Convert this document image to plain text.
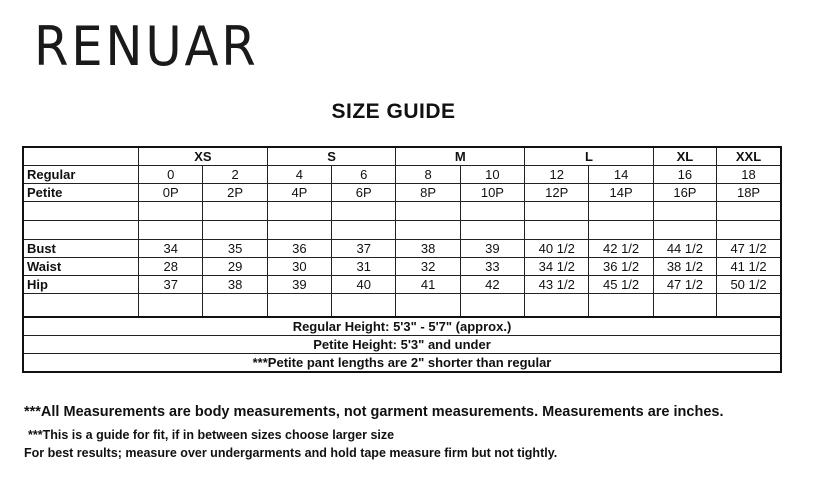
RENUAR
SIZE GUIDE
	XS		S		M		L		XL	XXL
Regular	0	2	4	6	8	10	12	14	16	18
Petite	0P	2P	4P	6P	8P	10P	12P	14P	16P	18P

Bust	34	35	36	37	38	39	40 1/2	42 1/2	44 1/2	47 1/2
Waist	28	29	30	31	32	33	34 1/2	36 1/2	38 1/2	41 1/2
Hip	37	38	39	40	41	42	43 1/2	45 1/2	47 1/2	50 1/2

Regular Height: 5'3" - 5'7" (approx.)										
Petite Height: 5'3" and under										
***Petite pant lengths are 2" shorter than regular										
***All Measurements are body measurements, not garment measurements. Measurements are inches.
***This is a guide for fit, if in between sizes choose larger size
For best results; measure over undergarments and hold tape measure firm but not tightly.
